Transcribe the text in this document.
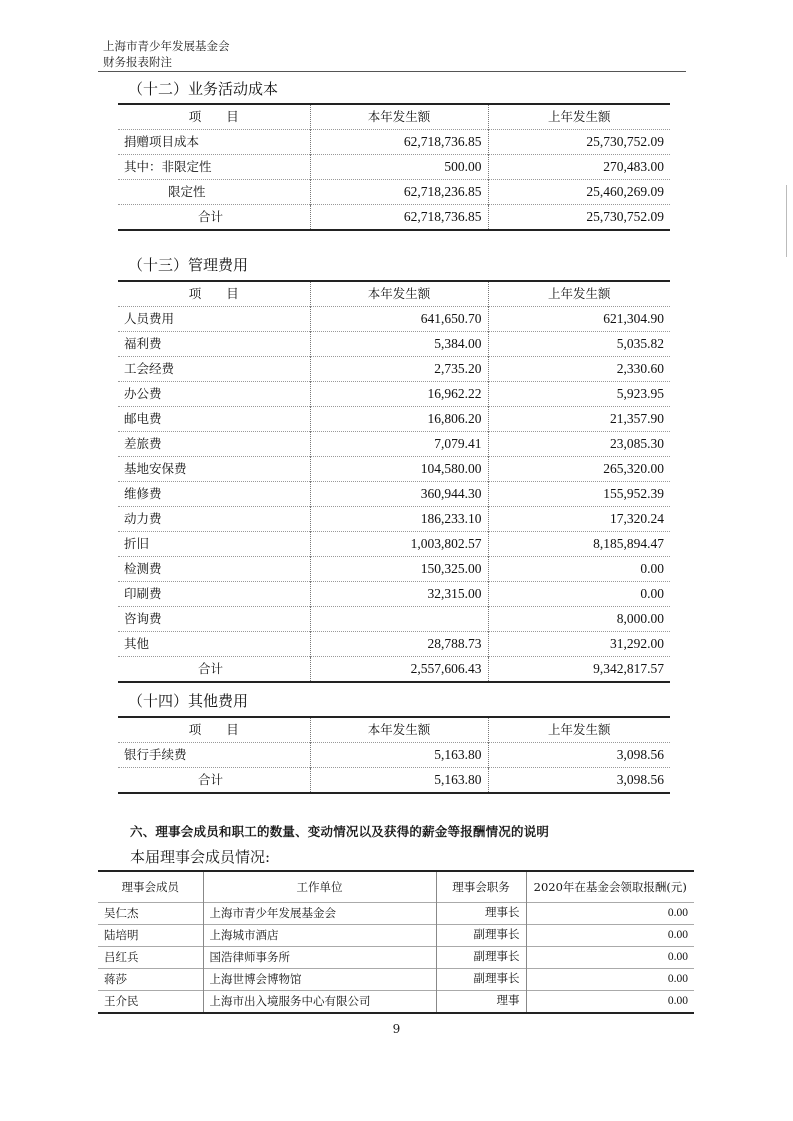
上海市青少年发展基金会
财务报表附注
（十二）业务活动成本
项　　目	本年发生额	上年发生额
捐赠项目成本	62,718,736.85	25,730,752.09
其中：非限定性	500.00	270,483.00
限定性	62,718,236.85	25,460,269.09
合计	62,718,736.85	25,730,752.09
（十三）管理费用
项　　目	本年发生额	上年发生额
人员费用	641,650.70	621,304.90
福利费	5,384.00	5,035.82
工会经费	2,735.20	2,330.60
办公费	16,962.22	5,923.95
邮电费	16,806.20	21,357.90
差旅费	7,079.41	23,085.30
基地安保费	104,580.00	265,320.00
维修费	360,944.30	155,952.39
动力费	186,233.10	17,320.24
折旧	1,003,802.57	8,185,894.47
检测费	150,325.00	0.00
印刷费	32,315.00	0.00
咨询费		8,000.00
其他	28,788.73	31,292.00
合计	2,557,606.43	9,342,817.57
（十四）其他费用
项　　目	本年发生额	上年发生额
银行手续费	5,163.80	3,098.56
合计	5,163.80	3,098.56
六、理事会成员和职工的数量、变动情况以及获得的薪金等报酬情况的说明
本届理事会成员情况:
理事会成员	工作单位	理事会职务	2020年在基金会领取报酬(元)
吴仁杰	上海市青少年发展基金会	理事长	0.00
陆培明	上海城市酒店	副理事长	0.00
吕红兵	国浩律师事务所	副理事长	0.00
蒋莎	上海世博会博物馆	副理事长	0.00
王介民	上海市出入境服务中心有限公司	理事	0.00
9
